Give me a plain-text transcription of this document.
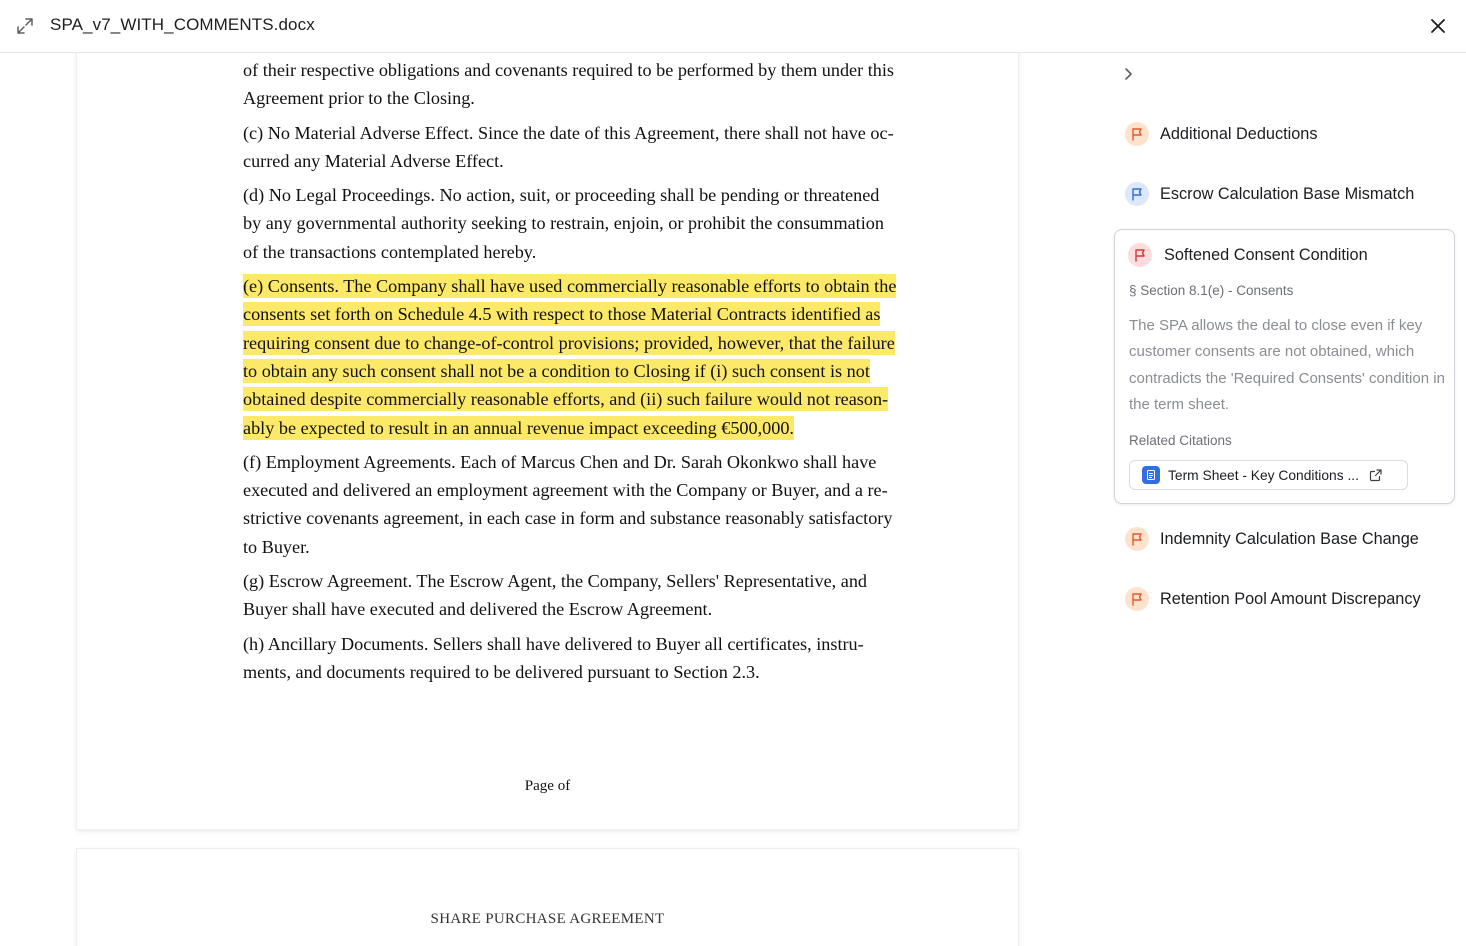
SPA_v7_WITH_COMMENTS.docx
of their respective obligations and covenants required to be performed by them under this
Agreement prior to the Closing.
(c) No Material Adverse Effect. Since the date of this Agreement, there shall not have oc-
curred any Material Adverse Effect.
(d) No Legal Proceedings. No action, suit, or proceeding shall be pending or threatened
by any governmental authority seeking to restrain, enjoin, or prohibit the consummation
of the transactions contemplated hereby.
(e) Consents. The Company shall have used commercially reasonable efforts to obtain the
consents set forth on Schedule 4.5 with respect to those Material Contracts identified as
requiring consent due to change-of-control provisions; provided, however, that the failure
to obtain any such consent shall not be a condition to Closing if (i) such consent is not
obtained despite commercially reasonable efforts, and (ii) such failure would not reason-
ably be expected to result in an annual revenue impact exceeding €500,000.
(f) Employment Agreements. Each of Marcus Chen and Dr. Sarah Okonkwo shall have
executed and delivered an employment agreement with the Company or Buyer, and a re-
strictive covenants agreement, in each case in form and substance reasonably satisfactory
to Buyer.
(g) Escrow Agreement. The Escrow Agent, the Company, Sellers' Representative, and
Buyer shall have executed and delivered the Escrow Agreement.
(h) Ancillary Documents. Sellers shall have delivered to Buyer all certificates, instru-
ments, and documents required to be delivered pursuant to Section 2.3.
Page of
SHARE PURCHASE AGREEMENT
Additional Deductions
Escrow Calculation Base Mismatch
Softened Consent Condition
§ Section 8.1(e) - Consents
The SPA allows the deal to close even if key customer consents are not obtained, which contradicts the 'Required Consents' condition in the term sheet.
Related Citations
Term Sheet - Key Conditions ...
Indemnity Calculation Base Change
Retention Pool Amount Discrepancy
